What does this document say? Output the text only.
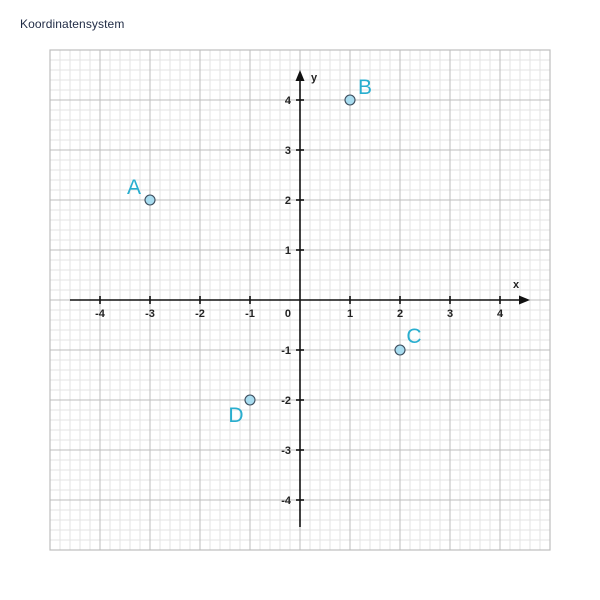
Koordinatensystem
x
y
-4	-3	-2	-1	1	2	3	4
-4
-3
-2
-1
1
2
3
4
0
A
B
C
D
